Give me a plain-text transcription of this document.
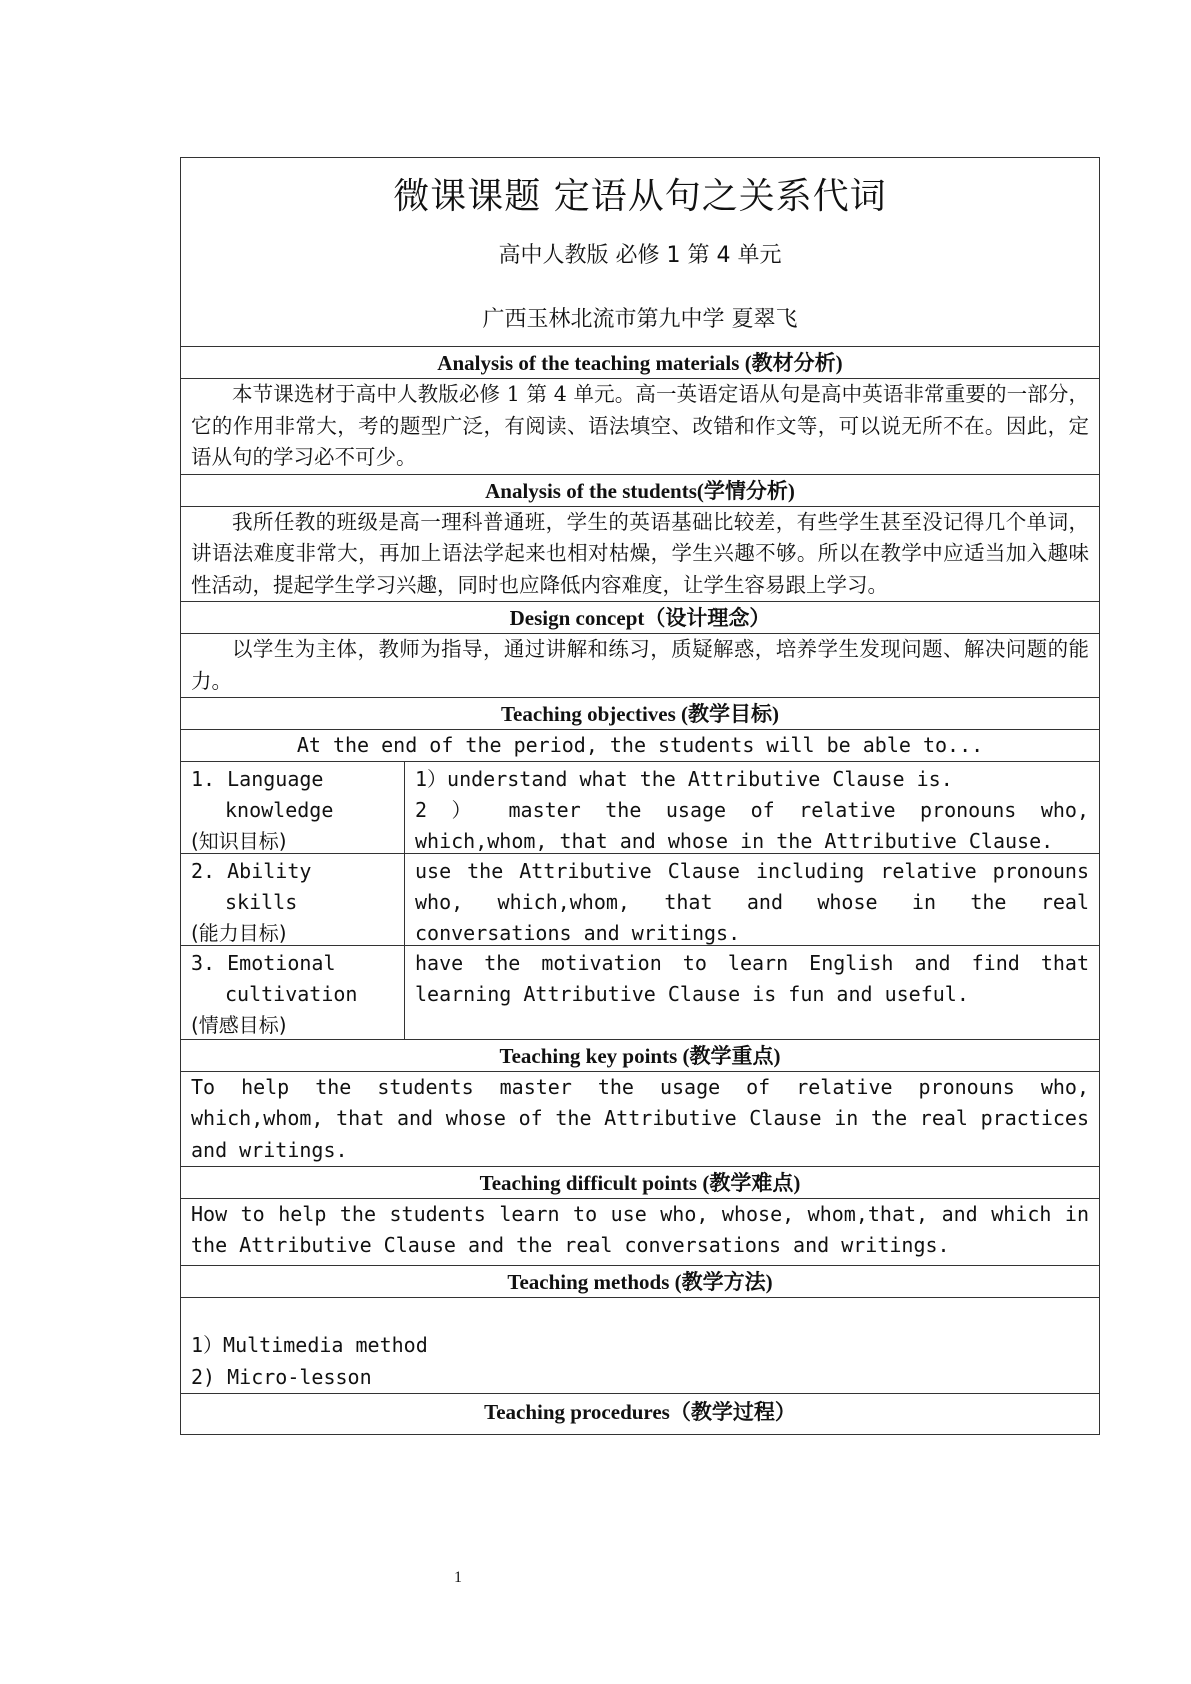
微课课题 定语从句之关系代词
高中人教版 必修 1 第 4 单元
广西玉林北流市第九中学 夏翠飞
Analysis of the teaching materials (教材分析)
本节课选材于高中人教版必修 1 第 4 单元。高一英语定语从句是高中英语非常重要的一部分，它的作用非常大，考的题型广泛，有阅读、语法填空、改错和作文等，可以说无所不在。因此，定语从句的学习必不可少。
Analysis of the students(学情分析)
我所任教的班级是高一理科普通班，学生的英语基础比较差，有些学生甚至没记得几个单词，讲语法难度非常大，再加上语法学起来也相对枯燥，学生兴趣不够。所以在教学中应适当加入趣味性活动，提起学生学习兴趣，同时也应降低内容难度，让学生容易跟上学习。
Design concept（设计理念）
以学生为主体，教师为指导，通过讲解和练习，质疑解惑，培养学生发现问题、解决问题的能力。
Teaching objectives (教学目标)
At the end of the period, the students will be able to...
1. Language
knowledge
(知识目标)
1）understand what the Attributive Clause is.
2 ） master the usage of relative pronouns who, which,whom, that and whose in the Attributive Clause.
2. Ability
skills
(能力目标)
use the Attributive Clause including relative pronouns who, which,whom, that and whose in the real conversations and writings.
3. Emotional
cultivation
(情感目标)
have the motivation to learn English and find that learning Attributive Clause is fun and useful.
Teaching key points (教学重点)
To help the students master the usage of relative pronouns who, which,whom, that and whose of the Attributive Clause in the real practices and writings.
Teaching difficult points (教学难点)
How to help the students learn to use who, whose, whom,that, and which in the Attributive Clause and the real conversations and writings.
Teaching methods (教学方法)
1）Multimedia method
2) Micro-lesson
Teaching procedures（教学过程）
1
